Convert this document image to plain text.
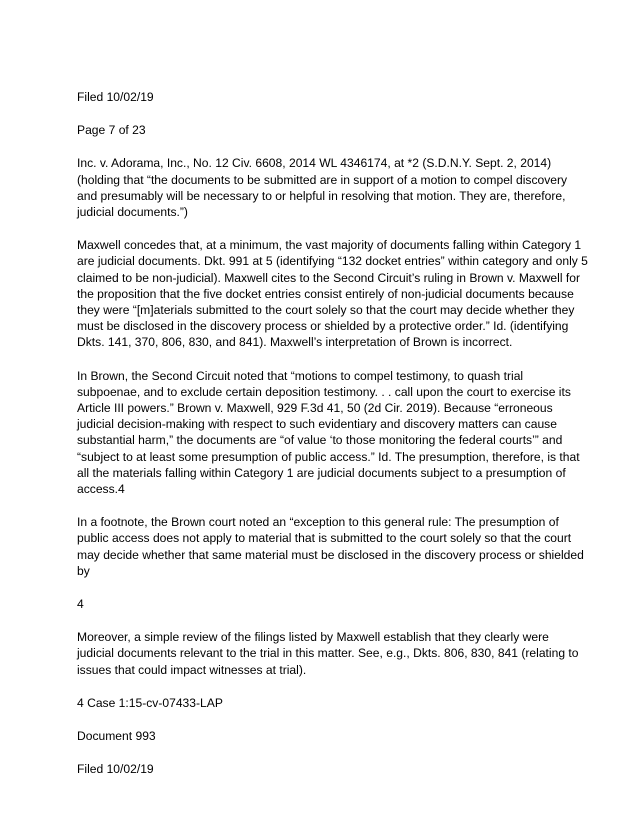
Filed 10/02/19

Page 7 of 23

Inc. v. Adorama, Inc., No. 12 Civ. 6608, 2014 WL 4346174, at *2 (S.D.N.Y. Sept. 2, 2014) (holding that “the documents to be submitted are in support of a motion to compel discovery and presumably will be necessary to or helpful in resolving that motion. They are, therefore, judicial documents.”)

Maxwell concedes that, at a minimum, the vast majority of documents falling within Category 1 are judicial documents. Dkt. 991 at 5 (identifying “132 docket entries” within category and only 5 claimed to be non-judicial). Maxwell cites to the Second Circuit’s ruling in Brown v. Maxwell for the proposition that the five docket entries consist entirely of non-judicial documents because they were “[m]aterials submitted to the court solely so that the court may decide whether they must be disclosed in the discovery process or shielded by a protective order.” Id. (identifying Dkts. 141, 370, 806, 830, and 841). Maxwell’s interpretation of Brown is incorrect.

In Brown, the Second Circuit noted that “motions to compel testimony, to quash trial subpoenae, and to exclude certain deposition testimony. . . call upon the court to exercise its Article III powers.” Brown v. Maxwell, 929 F.3d 41, 50 (2d Cir. 2019). Because “erroneous judicial decision-making with respect to such evidentiary and discovery matters can cause substantial harm,” the documents are “of value ‘to those monitoring the federal courts’” and “subject to at least some presumption of public access.” Id. The presumption, therefore, is that all the materials falling within Category 1 are judicial documents subject to a presumption of access.4

In a footnote, the Brown court noted an “exception to this general rule: The presumption of public access does not apply to material that is submitted to the court solely so that the court may decide whether that same material must be disclosed in the discovery process or shielded by

4

Moreover, a simple review of the filings listed by Maxwell establish that they clearly were judicial documents relevant to the trial in this matter. See, e.g., Dkts. 806, 830, 841 (relating to issues that could impact witnesses at trial).

4 Case 1:15-cv-07433-LAP

Document 993

Filed 10/02/19
